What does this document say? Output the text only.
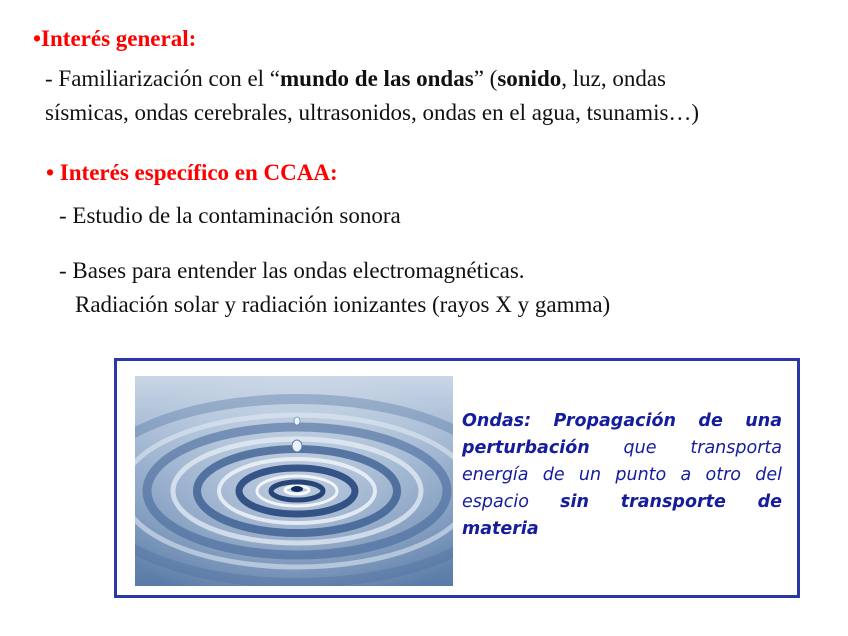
•Interés general:
- Familiarización con el “mundo de las ondas” (sonido, luz, ondas
sísmicas, ondas cerebrales, ultrasonidos, ondas en el agua, tsunamis…)
• Interés específico en CCAA:
- Estudio de la contaminación sonora
- Bases para entender las ondas electromagnéticas.
Radiación solar y radiación ionizantes (rayos X y gamma)
Ondas: Propagación de una perturbación que transporta energía de un punto a otro del espacio sin transporte de materia
